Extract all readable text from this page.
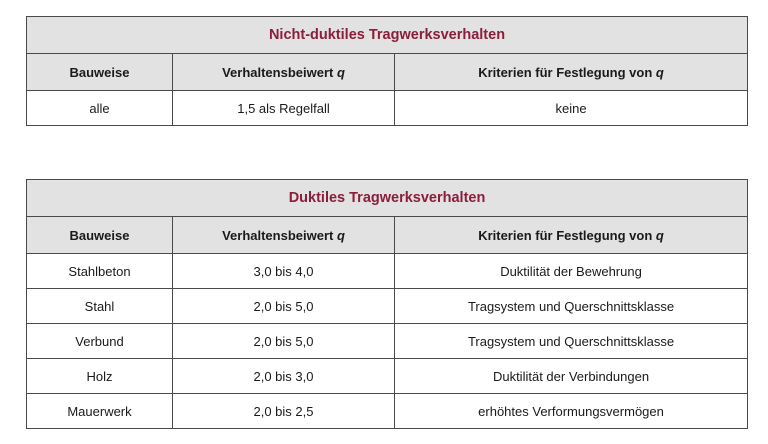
Nicht-duktiles Tragwerksverhalten		
Bauweise	Verhaltensbeiwert q	Kriterien für Festlegung von q
alle	1,5 als Regelfall	keine
Duktiles Tragwerksverhalten		
Bauweise	Verhaltensbeiwert q	Kriterien für Festlegung von q
Stahlbeton	3,0 bis 4,0	Duktilität der Bewehrung
Stahl	2,0 bis 5,0	Tragsystem und Querschnittsklasse
Verbund	2,0 bis 5,0	Tragsystem und Querschnittsklasse
Holz	2,0 bis 3,0	Duktilität der Verbindungen
Mauerwerk	2,0 bis 2,5	erhöhtes Verformungsvermögen
